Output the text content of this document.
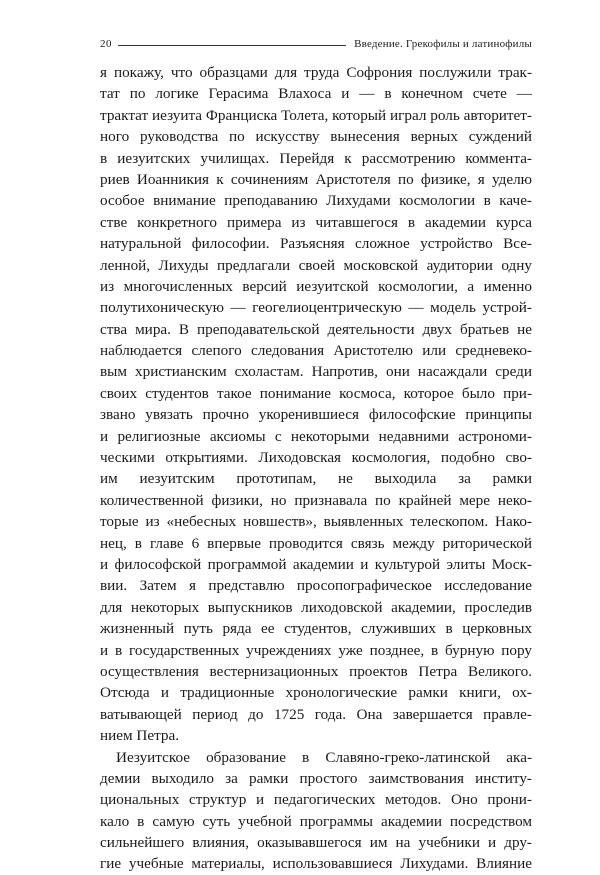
20	Введение. Грекофилы и латинофилы
я покажу, что образцами для труда Софрония послужили трак-
тат по логике Герасима Влахоса и — в конечном счете —
трактат иезуита Франциска Толета, который играл роль авторитет-
ного руководства по искусству вынесения верных суждений
в иезуитских училищах. Перейдя к рассмотрению коммента-
риев Иоанникия к сочинениям Аристотеля по физике, я уделю
особое внимание преподаванию Лихудами космологии в каче-
стве конкретного примера из читавшегося в академии курса
натуральной философии. Разъясняя сложное устройство Все-
ленной, Лихуды предлагали своей московской аудитории одну
из многочисленных версий иезуитской космологии, а именно
полутихоническую — геогелиоцентрическую — модель устрой-
ства мира. В преподавательской деятельности двух братьев не
наблюдается слепого следования Аристотелю или средневеко-
вым христианским схоластам. Напротив, они насаждали среди
своих студентов такое понимание космоса, которое было при-
звано увязать прочно укоренившиеся философские принципы
и религиозные аксиомы с некоторыми недавними астрономи-
ческими открытиями. Лиходовская космология, подобно сво-
им иезуитским прототипам, не выходила за рамки
количественной физики, но признавала по крайней мере неко-
торые из «небесных новшеств», выявленных телескопом. Нако-
нец, в главе 6 впервые проводится связь между риторической
и философской программой академии и культурой элиты Моск-
вии. Затем я представлю просопографическое исследование
для некоторых выпускников лиходовской академии, проследив
жизненный путь ряда ее студентов, служивших в церковных
и в государственных учреждениях уже позднее, в бурную пору
осуществления вестернизационных проектов Петра Великого.
Отсюда и традиционные хронологические рамки книги, ох-
ватывающей период до 1725 года. Она завершается правле-
нием Петра.
Иезуитское образование в Славяно-греко-латинской ака-
демии выходило за рамки простого заимствования институ-
циональных структур и педагогических методов. Оно прони-
кало в самую суть учебной программы академии посредством
сильнейшего влияния, оказывавшегося им на учебники и дру-
гие учебные материалы, использовавшиеся Лихудами. Влияние
